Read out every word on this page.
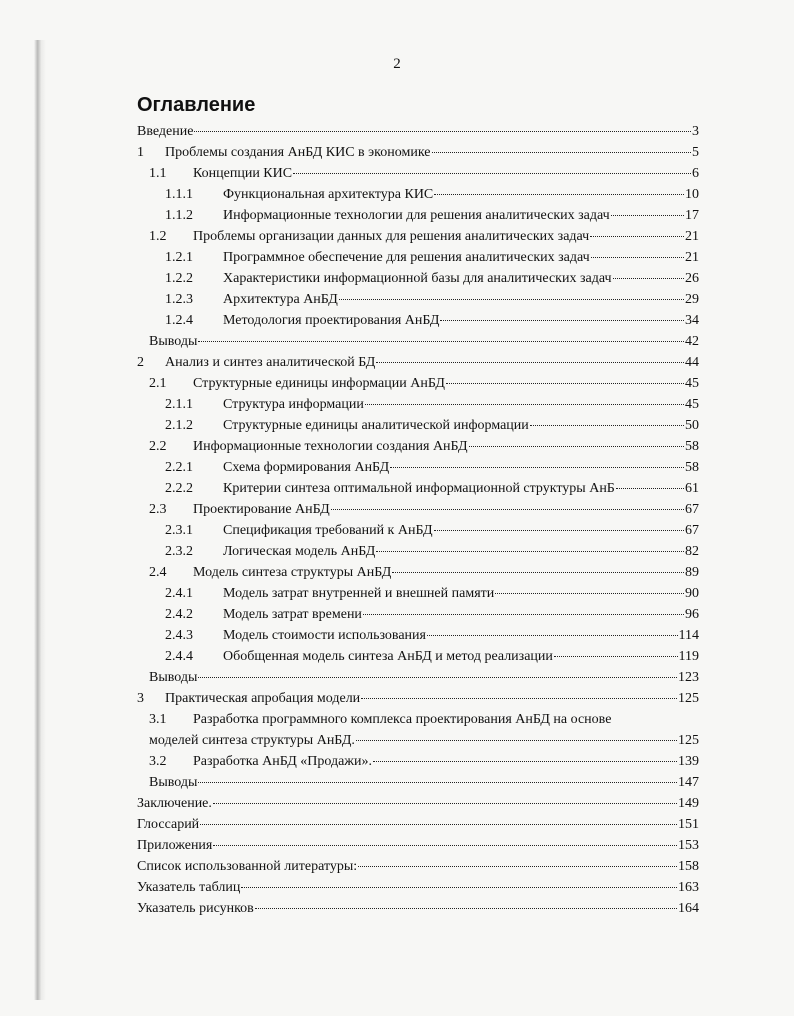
2
Оглавление
Введение	3
1	Проблемы создания АнБД КИС в экономике	5
1.1	Концепции КИС	6
1.1.1	Функциональная архитектура КИС	10
1.1.2	Информационные технологии для решения аналитических задач	17
1.2	Проблемы организации данных для решения аналитических задач	21
1.2.1	Программное обеспечение для решения аналитических задач	21
1.2.2	Характеристики информационной базы для аналитических задач	26
1.2.3	Архитектура АнБД	29
1.2.4	Методология проектирования АнБД	34
Выводы	42
2	Анализ и синтез аналитической БД	44
2.1	Структурные единицы информации АнБД	45
2.1.1	Структура информации	45
2.1.2	Структурные единицы аналитической информации	50
2.2	Информационные технологии создания АнБД	58
2.2.1	Схема формирования АнБД	58
2.2.2	Критерии синтеза оптимальной информационной структуры АнБ	61
2.3	Проектирование АнБД	67
2.3.1	Спецификация требований к АнБД	67
2.3.2	Логическая модель АнБД	82
2.4	Модель синтеза структуры АнБД	89
2.4.1	Модель затрат внутренней и внешней памяти	90
2.4.2	Модель затрат времени	96
2.4.3	Модель стоимости использования	114
2.4.4	Обобщенная модель синтеза АнБД и метод реализации	119
Выводы	123
3	Практическая апробация модели	125
3.1	Разработка программного комплекса проектирования АнБД на основе
моделей синтеза структуры АнБД.	125
3.2	Разработка АнБД «Продажи».	139
Выводы	147
Заключение.	149
Глоссарий	151
Приложения	153
Список использованной литературы:	158
Указатель таблиц	163
Указатель рисунков	164
